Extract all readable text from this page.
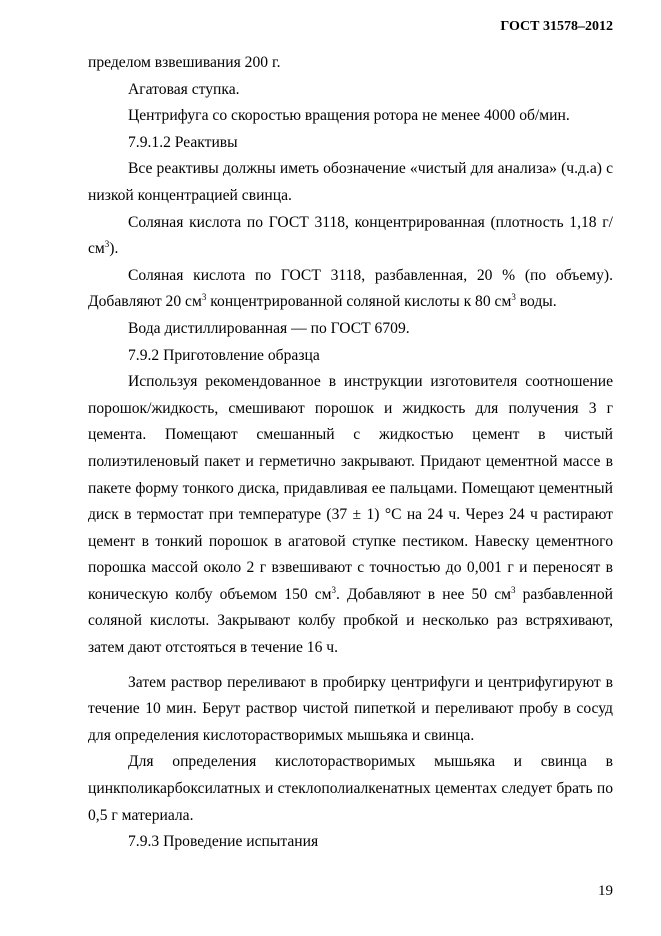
ГОСТ 31578–2012

пределом взвешивания 200 г.

Агатовая ступка.

Центрифуга со скоростью вращения ротора не менее 4000 об/мин.

7.9.1.2 Реактивы

Все реактивы должны иметь обозначение «чистый для анализа» (ч.д.а) с низкой концентрацией свинца.

Соляная кислота по ГОСТ 3118, концентрированная (плотность 1,18 $г/см^3$).

Соляная кислота по ГОСТ 3118, разбавленная, 20 % (по объему). Добавляют 20 $см^3$ концентрированной соляной кислоты к 80 $см^3$ воды.

Вода дистиллированная — по ГОСТ 6709.

7.9.2 Приготовление образца

Используя рекомендованное в инструкции изготовителя соотношение порошок/жидкость, смешивают порошок и жидкость для получения 3 г цемента. Помещают смешанный с жидкостью цемент в чистый полиэтиленовый пакет и герметично закрывают. Придают цементной массе в пакете форму тонкого диска, придавливая ее пальцами. Помещают цементный диск в термостат при температуре (37 ± 1) °С на 24 ч. Через 24 ч растирают цемент в тонкий порошок в агатовой ступке пестиком. Навеску цементного порошка массой около 2 г взвешивают с точностью до 0,001 г и переносят в коническую колбу объемом 150 $см^3$. Добавляют в нее 50 $см^3$ разбавленной соляной кислоты. Закрывают колбу пробкой и несколько раз встряхивают, затем дают отстояться в течение 16 ч.

Затем раствор переливают в пробирку центрифуги и центрифугируют в течение 10 мин. Берут раствор чистой пипеткой и переливают пробу в сосуд для определения кислоторастворимых мышьяка и свинца.

Для определения кислоторастворимых мышьяка и свинца в цинкполикарбоксилатных и стеклополиалкенатных цементах следует брать по 0,5 г материала.

7.9.3 Проведение испытания

19
